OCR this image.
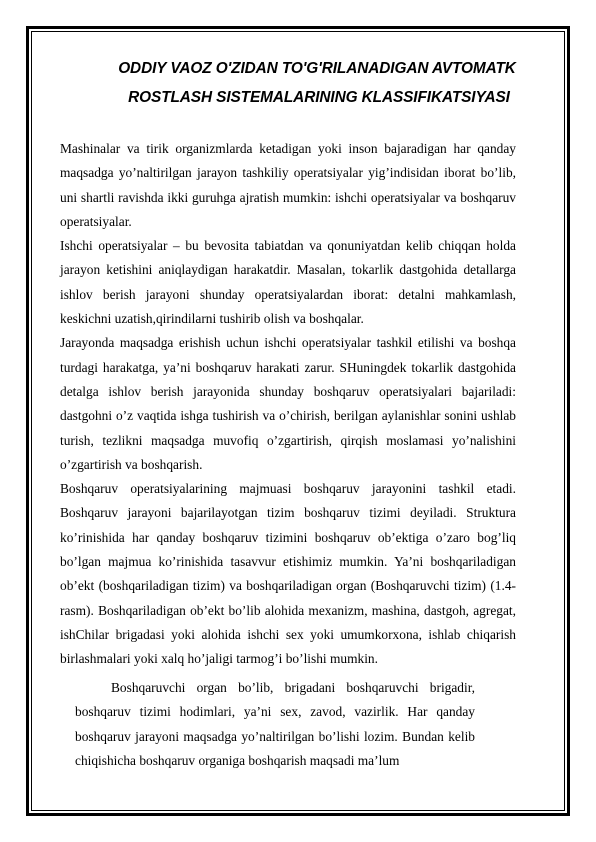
ODDIY VAOZ O'ZIDAN TO'G'RILANADIGAN AVTOMATK
ROSTLASH SISTEMALARINING KLASSIFIKATSIYASI

Mashinalar va tirik organizmlarda ketadigan yoki inson bajaradigan har qanday maqsadga yo’naltirilgan jarayon tashkiliy operatsiyalar yig’indisidan iborat bo’lib, uni shartli ravishda ikki guruhga ajratish mumkin: ishchi operatsiyalar va boshqaruv operatsiyalar.

Ishchi operatsiyalar – bu bevosita tabiatdan va qonuniyatdan kelib chiqqan holda jarayon ketishini aniqlaydigan harakatdir. Masalan, tokarlik dastgohida detallarga ishlov berish jarayoni shunday operatsiyalardan iborat: detalni mahkamlash, keskichni uzatish,qirindilarni tushirib olish va boshqalar.

Jarayonda maqsadga erishish uchun ishchi operatsiyalar tashkil etilishi va boshqa turdagi harakatga, ya’ni boshqaruv harakati zarur. SHuningdek tokarlik dastgohida detalga ishlov berish jarayonida shunday boshqaruv operatsiyalari bajariladi: dastgohni o’z vaqtida ishga tushirish va o’chirish, berilgan aylanishlar sonini ushlab turish, tezlikni maqsadga muvofiq o’zgartirish, qirqish moslamasi yo’nalishini o’zgartirish va boshqarish.

Boshqaruv operatsiyalarining majmuasi boshqaruv jarayonini tashkil etadi. Boshqaruv jarayoni bajarilayotgan tizim boshqaruv tizimi deyiladi. Struktura ko’rinishida har qanday boshqaruv tizimini boshqaruv ob’ektiga o’zaro bog’liq bo’lgan majmua ko’rinishida tasavvur etishimiz mumkin. Ya’ni boshqariladigan ob’ekt (boshqariladigan tizim) va boshqariladigan organ (Boshqaruvchi tizim) (1.4-rasm). Boshqariladigan ob’ekt bo’lib alohida mexanizm, mashina, dastgoh, agregat, ishChilar brigadasi yoki alohida ishchi sex yoki umumkorxona, ishlab chiqarish birlashmalari yoki xalq ho’jaligi tarmog’i bo’lishi mumkin.

Boshqaruvchi organ bo’lib, brigadani boshqaruvchi brigadir, boshqaruv tizimi hodimlari, ya’ni sex, zavod, vazirlik. Har qanday boshqaruv jarayoni maqsadga yo’naltirilgan bo’lishi lozim. Bundan kelib chiqishicha boshqaruv organiga boshqarish maqsadi ma’lum
